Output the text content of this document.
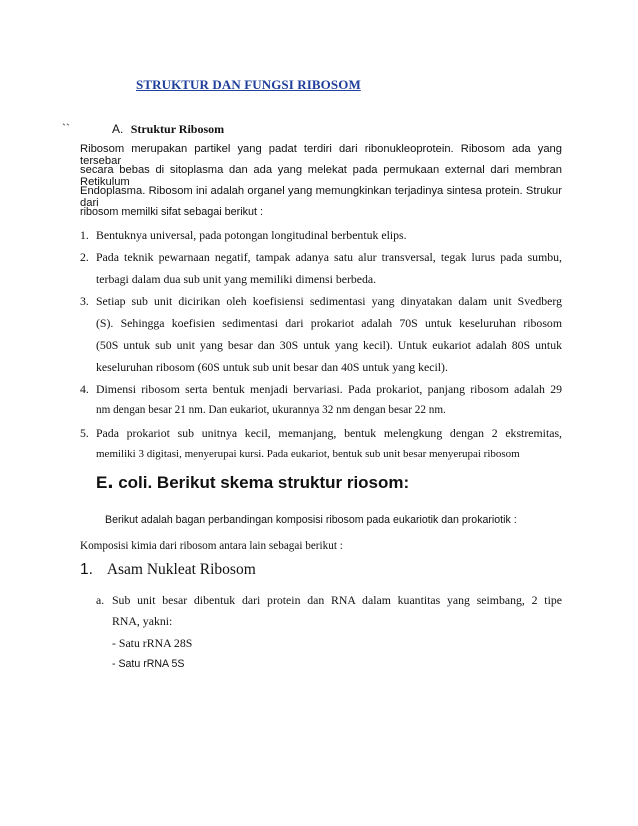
STRUKTUR DAN FUNGSI RIBOSOM
``	A. Struktur Ribosom
Ribosom merupakan partikel yang padat terdiri dari ribonukleoprotein. Ribosom ada yang tersebar
secara bebas di sitoplasma dan ada yang melekat pada permukaan external dari membran Retikulum
Endoplasma. Ribosom ini adalah organel yang memungkinkan terjadinya sintesa protein. Strukur dari
ribosom memilki sifat sebagai berikut :
1. Bentuknya universal, pada potongan longitudinal berbentuk elips.
2. Pada teknik pewarnaan negatif, tampak adanya satu alur transversal, tegak lurus pada sumbu,
terbagi dalam dua sub unit yang memiliki dimensi berbeda.
3. Setiap sub unit dicirikan oleh koefisiensi sedimentasi yang dinyatakan dalam unit Svedberg
(S). Sehingga koefisien sedimentasi dari prokariot adalah 70S untuk keseluruhan ribosom
(50S untuk sub unit yang besar dan 30S untuk yang kecil). Untuk eukariot adalah 80S untuk
keseluruhan ribosom (60S untuk sub unit besar dan 40S untuk yang kecil).
4. Dimensi ribosom serta bentuk menjadi bervariasi. Pada prokariot, panjang ribosom adalah 29
nm dengan besar 21 nm. Dan eukariot, ukurannya 32 nm dengan besar 22 nm.
5. Pada prokariot sub unitnya kecil, memanjang, bentuk melengkung dengan 2 ekstremitas,
memiliki 3 digitasi, menyerupai kursi. Pada eukariot, bentuk sub unit besar menyerupai ribosom
E. coli. Berikut skema struktur riosom:
Berikut adalah bagan perbandingan komposisi ribosom pada eukariotik dan prokariotik :
Komposisi kimia dari ribosom antara lain sebagai berikut :
1. Asam Nukleat Ribosom
a. Sub unit besar dibentuk dari protein dan RNA dalam kuantitas yang seimbang, 2 tipe
RNA, yakni:
- Satu rRNA 28S
- Satu rRNA 5S
